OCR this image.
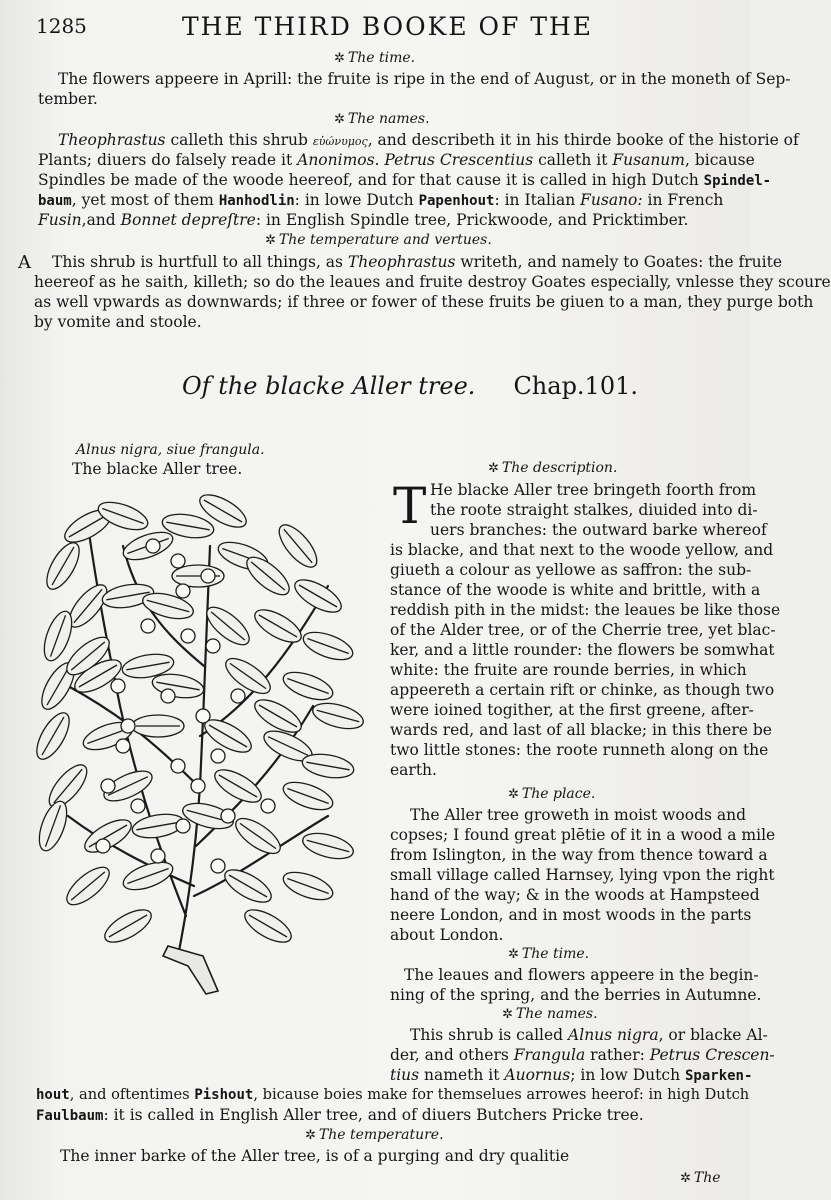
1285	THE THIRD BOOKE OF THE
✲ The time.
The flowers appeere in Aprill: the fruite is ripe in the end of August, or in the moneth of Sep-
tember.
✲ The names.
Theophrastus calleth this shrub εὐώνυμος, and describeth it in his thirde booke of the historie of
Plants; diuers do falsely reade it Anonimos. Petrus Crescentius calleth it Fusanum, bicause
Spindles be made of the woode heereof, and for that cause it is called in high Dutch Spindel-
baum, yet most of them Hanhodlin: in lowe Dutch Papenhout: in Italian Fusano: in French
Fusin,and Bonnet depreſtre: in English Spindle tree, Prickwoode, and Pricktimber.
✲ The temperature and vertues.
A This shrub is hurtfull to all things, as Theophrastus writeth, and namely to Goates: the fruite
heereof as he saith, killeth; so do the leaues and fruite destroy Goates especially, vnlesse they scoure
as well vpwards as downwards; if three or fower of these fruits be giuen to a man, they purge both
by vomite and stoole.
Of the blacke Aller tree. Chap.101.
Alnus nigra, siue frangula.
The blacke Aller tree.	✲ The description.
T He blacke Aller tree bringeth foorth from
the roote straight stalkes, diuided into di-
uers branches: the outward barke whereof
is blacke, and that next to the woode yellow, and
giueth a colour as yellowe as saffron: the sub-
stance of the woode is white and brittle, with a
reddish pith in the midst: the leaues be like those
of the Alder tree, or of the Cherrie tree, yet blac-
ker, and a little rounder: the flowers be somwhat
white: the fruite are rounde berries, in which
appeereth a certain rift or chinke, as though two
were ioined togither, at the first greene, after-
wards red, and last of all blacke; in this there be
two little stones: the roote runneth along on the
earth.
✲ The place.
The Aller tree groweth in moist woods and
copses; I found great plētie of it in a wood a mile
from Islington, in the way from thence toward a
small village called Harnsey, lying vpon the right
hand of the way; & in the woods at Hampsteed
neere London, and in most woods in the parts
about London.
✲ The time.
The leaues and flowers appeere in the begin-
ning of the spring, and the berries in Autumne.
✲ The names.
This shrub is called Alnus nigra, or blacke Al-
der, and others Frangula rather: Petrus Crescen-
tius nameth it Auornus; in low Dutch Sparken-
hout, and oftentimes Pishout, bicause boies make for themselues arrowes heerof: in high Dutch
Faulbaum: it is called in English Aller tree, and of diuers Butchers Pricke tree.
✲ The temperature.
The inner barke of the Aller tree, is of a purging and dry qualitie
✲ The
